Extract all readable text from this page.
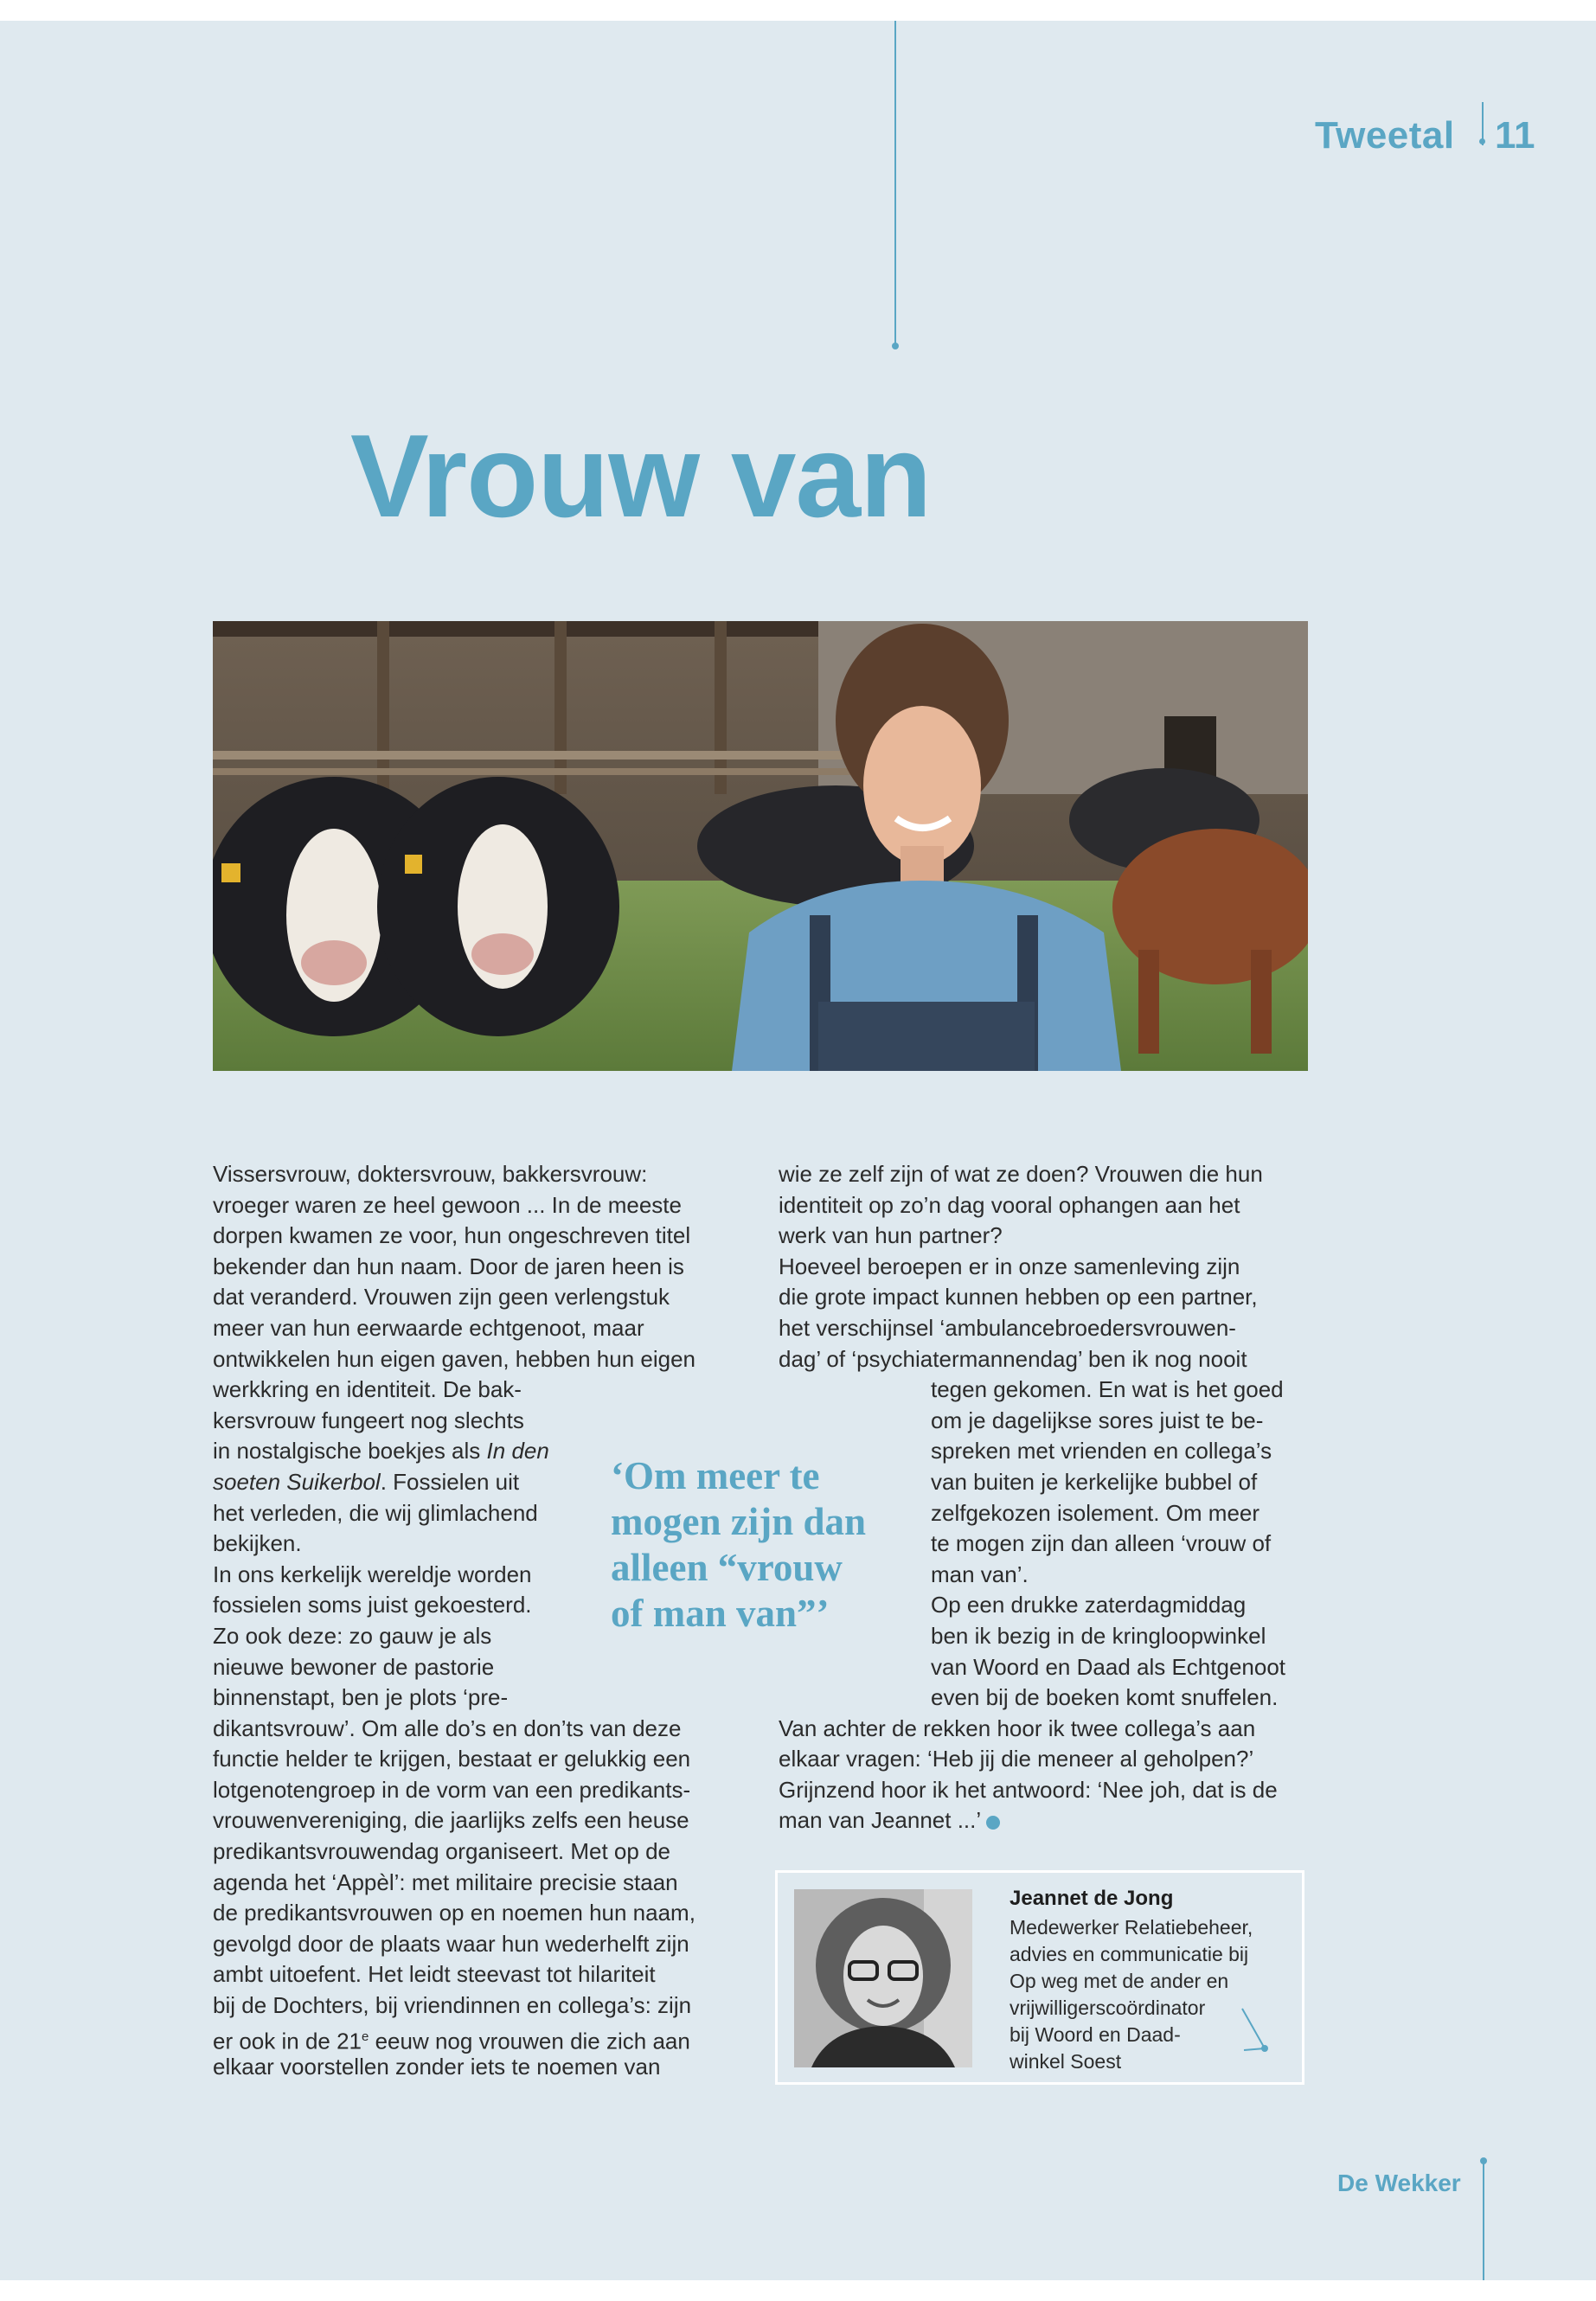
Tweetal 11
Vrouw van
Vissersvrouw, doktersvrouw, bakkersvrouw:
vroeger waren ze heel gewoon ... In de meeste
dorpen kwamen ze voor, hun ongeschreven titel
bekender dan hun naam. Door de jaren heen is
dat veranderd. Vrouwen zijn geen verlengstuk
meer van hun eerwaarde echtgenoot, maar
ontwikkelen hun eigen gaven, hebben hun eigen
werkkring en identiteit. De bak-
kersvrouw fungeert nog slechts
in nostalgische boekjes als In den
soeten Suikerbol. Fossielen uit
het verleden, die wij glimlachend
bekijken.
In ons kerkelijk wereldje worden
fossielen soms juist gekoesterd.
Zo ook deze: zo gauw je als
nieuwe bewoner de pastorie
binnenstapt, ben je plots ‘pre-
dikantsvrouw’. Om alle do’s en don’ts van deze
functie helder te krijgen, bestaat er gelukkig een
lotgenotengroep in de vorm van een predikants-
vrouwenvereniging, die jaarlijks zelfs een heuse
predikantsvrouwendag organiseert. Met op de
agenda het ‘Appèl’: met militaire precisie staan
de predikantsvrouwen op en noemen hun naam,
gevolgd door de plaats waar hun wederhelft zijn
ambt uitoefent. Het leidt steevast tot hilariteit
bij de Dochters, bij vriendinnen en collega’s: zijn
er ook in de 21e eeuw nog vrouwen die zich aan
elkaar voorstellen zonder iets te noemen van
wie ze zelf zijn of wat ze doen? Vrouwen die hun
identiteit op zo’n dag vooral ophangen aan het
werk van hun partner?
Hoeveel beroepen er in onze samenleving zijn
die grote impact kunnen hebben op een partner,
het verschijnsel ‘ambulancebroedersvrouwen-
dag’ of ‘psychiatermannendag’ ben ik nog nooit
tegen gekomen. En wat is het goed
om je dagelijkse sores juist te be-
spreken met vrienden en collega’s
van buiten je kerkelijke bubbel of
zelfgekozen isolement. Om meer
te mogen zijn dan alleen ‘vrouw of
man van’.
Op een drukke zaterdagmiddag
ben ik bezig in de kringloopwinkel
van Woord en Daad als Echtgenoot
even bij de boeken komt snuffelen.
Van achter de rekken hoor ik twee collega’s aan
elkaar vragen: ‘Heb jij die meneer al geholpen?’
Grijnzend hoor ik het antwoord: ‘Nee joh, dat is de
man van Jeannet ...’
‘Om meer te
mogen zijn dan
alleen “vrouw
of man van”’
Jeannet de Jong
Medewerker Relatiebeheer,
advies en communicatie bij
Op weg met de ander en
vrijwilligerscoördinator
bij Woord en Daad-
winkel Soest
De Wekker
